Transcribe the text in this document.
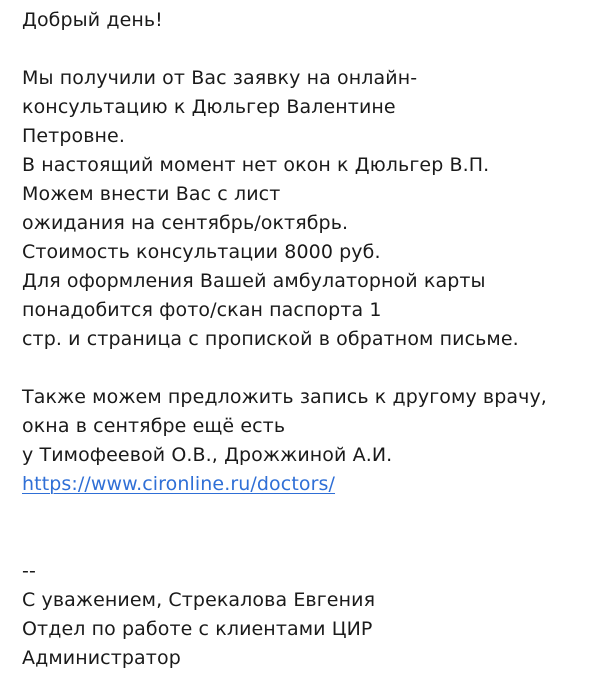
Добрый день!
Мы получили от Вас заявку на онлайн-
консультацию к Дюльгер Валентине
Петровне.
В настоящий момент нет окон к Дюльгер В.П.
Можем внести Вас с лист
ожидания на сентябрь/октябрь.
Стоимость консультации 8000 руб.
Для оформления Вашей амбулаторной карты
понадобится фото/скан паспорта 1
стр. и страница с пропиской в обратном письме.
Также можем предложить запись к другому врачу,
окна в сентябре ещё есть
у Тимофеевой О.В., Дрожжиной А.И.
https://www.cironline.ru/doctors/
--
С уважением, Стрекалова Евгения
Отдел по работе с клиентами ЦИР
Администратор
